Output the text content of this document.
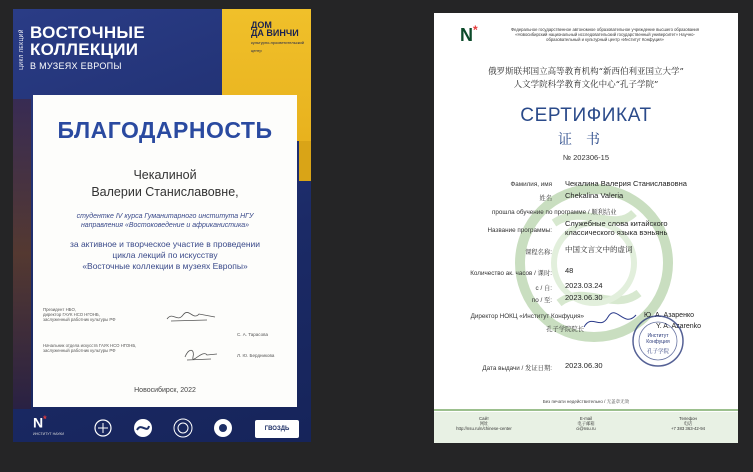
ЦИКЛ ЛЕКЦИЙ ВОСТОЧНЫЕ
КОЛЛЕКЦИИ
В МУЗЕЯХ ЕВРОПЫ
ДОМ
ДА ВИНЧИ
культурно-просветительский центр
БЛАГОДАРНОСТЬ
Чекалиной
Валерии Станиславовне,
студентке IV курса Гуманитарного института НГУ
направления «Востоковедение и африканистика»
за активное и творческое участие в проведении
цикла лекций по искусству
«Восточные коллекции в музеях Европы»
Президент НБО,
директор ГАУК НСО НГОНБ,
заслуженный работник культуры РФ
С. А. Тарасова
Начальник отдела искусств ГАУК НСО НГОНБ,
заслуженный работник культуры РФ
Л. Ю. Бердникова
Новосибирск, 2022
N*
ИНСТИТУТ НАУКИ
ГВОЗДЬ
N*	Федеральное государственное автономное образовательное учреждение высшего образования «Новосибирский национальный исследовательский государственный университет» Научно-образовательный и культурный центр «Институт Конфуция»
俄罗斯联邦国立高等教育机构“新西伯利亚国立大学”
人文学院科学教育文化中心“孔子学院”
СЕРТИФИКАТ
证书
№ 202306-15
Фамилия, имя Чекалина Валерия Станиславовна
姓名 Chekalina Valeria
прошла обучение по программе / 顺利结业
Название программы:
Служебные слова китайского классического языка вэньянь
课程名称: 中国文言文中的虚词
Количество ак. часов / 课时: 48
с / 自: 2023.03.24
по / 至: 2023.06.30
Директор НОКЦ «Институт Конфуция»	Ю. А. Азаренко
孔子学院院长	Y. A. Azarenko
Институт Конфуция
孔子学院
Дата выдачи / 发证日期: 2023.06.30
Без печати недействительно / 无盖章无效
Сайт
网址
http://nsu.ru/n/chinese-center
E-mail
电子邮箱
ci@nsu.ru
Телефон
电话
+7 383 363-42-94
